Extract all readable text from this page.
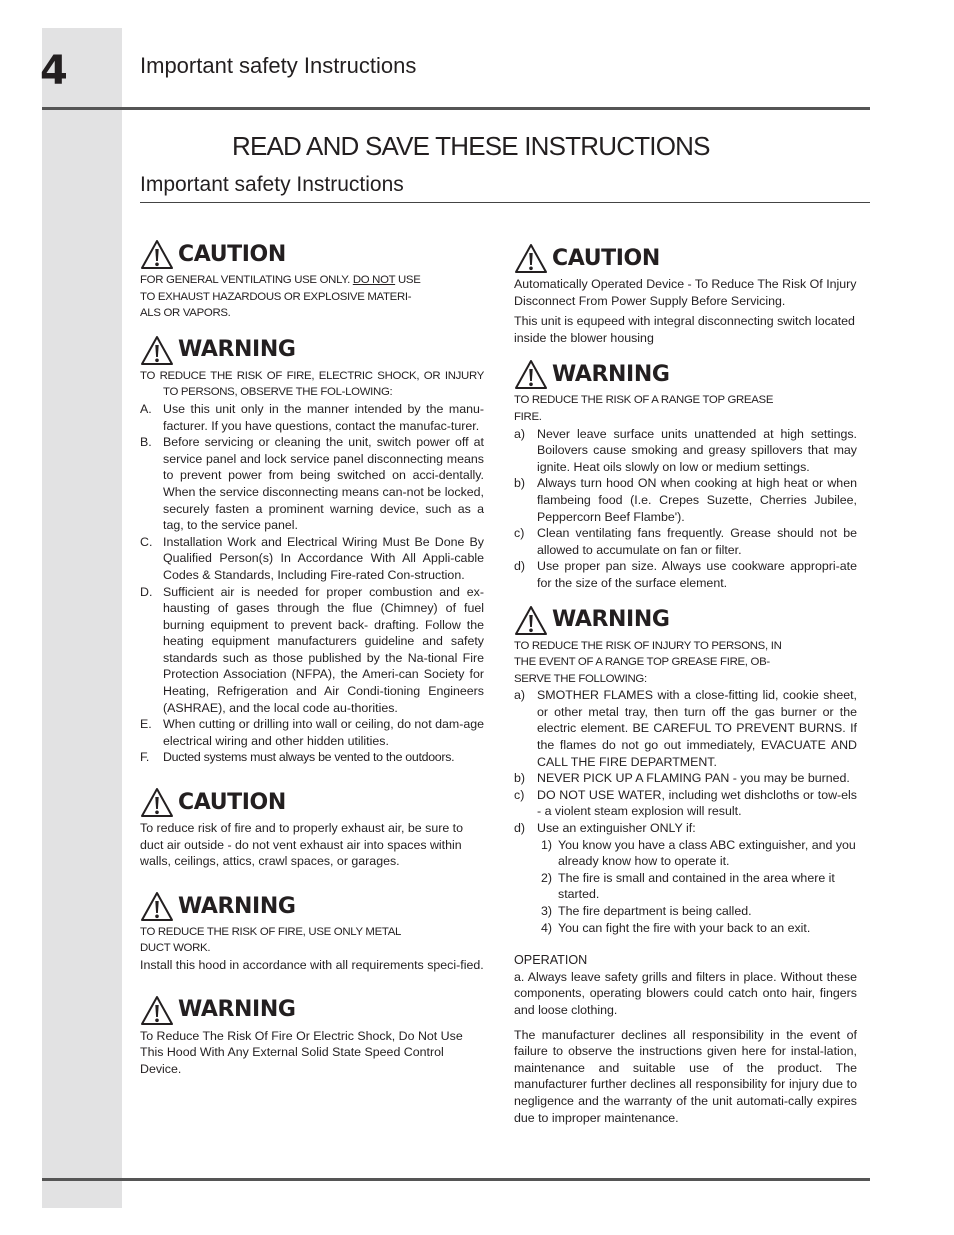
4	Important safety Instructions
READ AND SAVE THESE INSTRUCTIONS
Important safety Instructions
CAUTION

FOR GENERAL VENTILATING USE ONLY. DO NOT USE

TO EXHAUST HAZARDOUS OR EXPLOSIVE MATERI-

ALS OR VAPORS.

WARNING

TO REDUCE THE RISK OF FIRE, ELECTRIC SHOCK, OR INJURY TO PERSONS, OBSERVE THE FOL-LOWING:

A. Use this unit only in the manner intended by the manu-facturer. If you have questions, contact the manufac-turer.
B. Before servicing or cleaning the unit, switch power off at service panel and lock service panel disconnecting means to prevent power from being switched on acci-dentally. When the service disconnecting means can-not be locked, securely fasten a prominent warning device, such as a tag, to the service panel.
C. Installation Work and Electrical Wiring Must Be Done By Qualified Person(s) In Accordance With All Appli-cable Codes & Standards, Including Fire-rated Con-struction.
D. Sufficient air is needed for proper combustion and ex-hausting of gases through the flue (Chimney) of fuel burning equipment to prevent back- drafting. Follow the heating equipment manufacturers guideline and safety standards such as those published by the Na-tional Fire Protection Association (NFPA), the Ameri-can Society for Heating, Refrigeration and Air Condi-tioning Engineers (ASHRAE), and the local code au-thorities.
E. When cutting or drilling into wall or ceiling, do not dam-age electrical wiring and other hidden utilities.
F. Ducted systems must always be vented to the outdoors.
CAUTION

To reduce risk of fire and to properly exhaust air, be sure to duct air outside - do not vent exhaust air into spaces within walls, ceilings, attics, crawl spaces, or garages.

WARNING

TO REDUCE THE RISK OF FIRE, USE ONLY METAL

DUCT WORK.

Install this hood in accordance with all requirements speci-fied.

WARNING

To Reduce The Risk Of Fire Or Electric Shock, Do Not Use This Hood With Any External Solid State Speed Control Device.

CAUTION

Automatically Operated Device - To Reduce The Risk Of Injury Disconnect From Power Supply Before Servicing.

This unit is equpeed with integral disconnecting switch located inside the blower housing

WARNING

TO REDUCE THE RISK OF A RANGE TOP GREASE

FIRE.

a) Never leave surface units unattended at high settings. Boilovers cause smoking and greasy spillovers that may ignite. Heat oils slowly on low or medium settings.
b) Always turn hood ON when cooking at high heat or when flambeing food (I.e. Crepes Suzette, Cherries Jubilee, Peppercorn Beef Flambe').
c) Clean ventilating fans frequently. Grease should not be allowed to accumulate on fan or filter.
d) Use proper pan size. Always use cookware appropri-ate for the size of the surface element.
WARNING

TO REDUCE THE RISK OF INJURY TO PERSONS, IN

THE EVENT OF A RANGE TOP GREASE FIRE, OB-

SERVE THE FOLLOWING:

a) SMOTHER FLAMES with a close-fitting lid, cookie sheet, or other metal tray, then turn off the gas burner or the electric element. BE CAREFUL TO PREVENT BURNS. If the flames do not go out immediately, EVACUATE AND CALL THE FIRE DEPARTMENT.
b) NEVER PICK UP A FLAMING PAN - you may be burned.
c) DO NOT USE WATER, including wet dishcloths or tow-els - a violent steam explosion will result.
d) Use an extinguisher ONLY if:
1) You know you have a class ABC extinguisher, and you already know how to operate it.
2) The fire is small and contained in the area where it started.
3) The fire department is being called.
4) You can fight the fire with your back to an exit.

OPERATION

a. Always leave safety grills and filters in place. Without these components, operating blowers could catch onto hair, fingers and loose clothing.

The manufacturer declines all responsibility in the event of failure to observe the instructions given here for instal-lation, maintenance and suitable use of the product. The manufacturer further declines all responsibility for injury due to negligence and the warranty of the unit automati-cally expires due to improper maintenance.
